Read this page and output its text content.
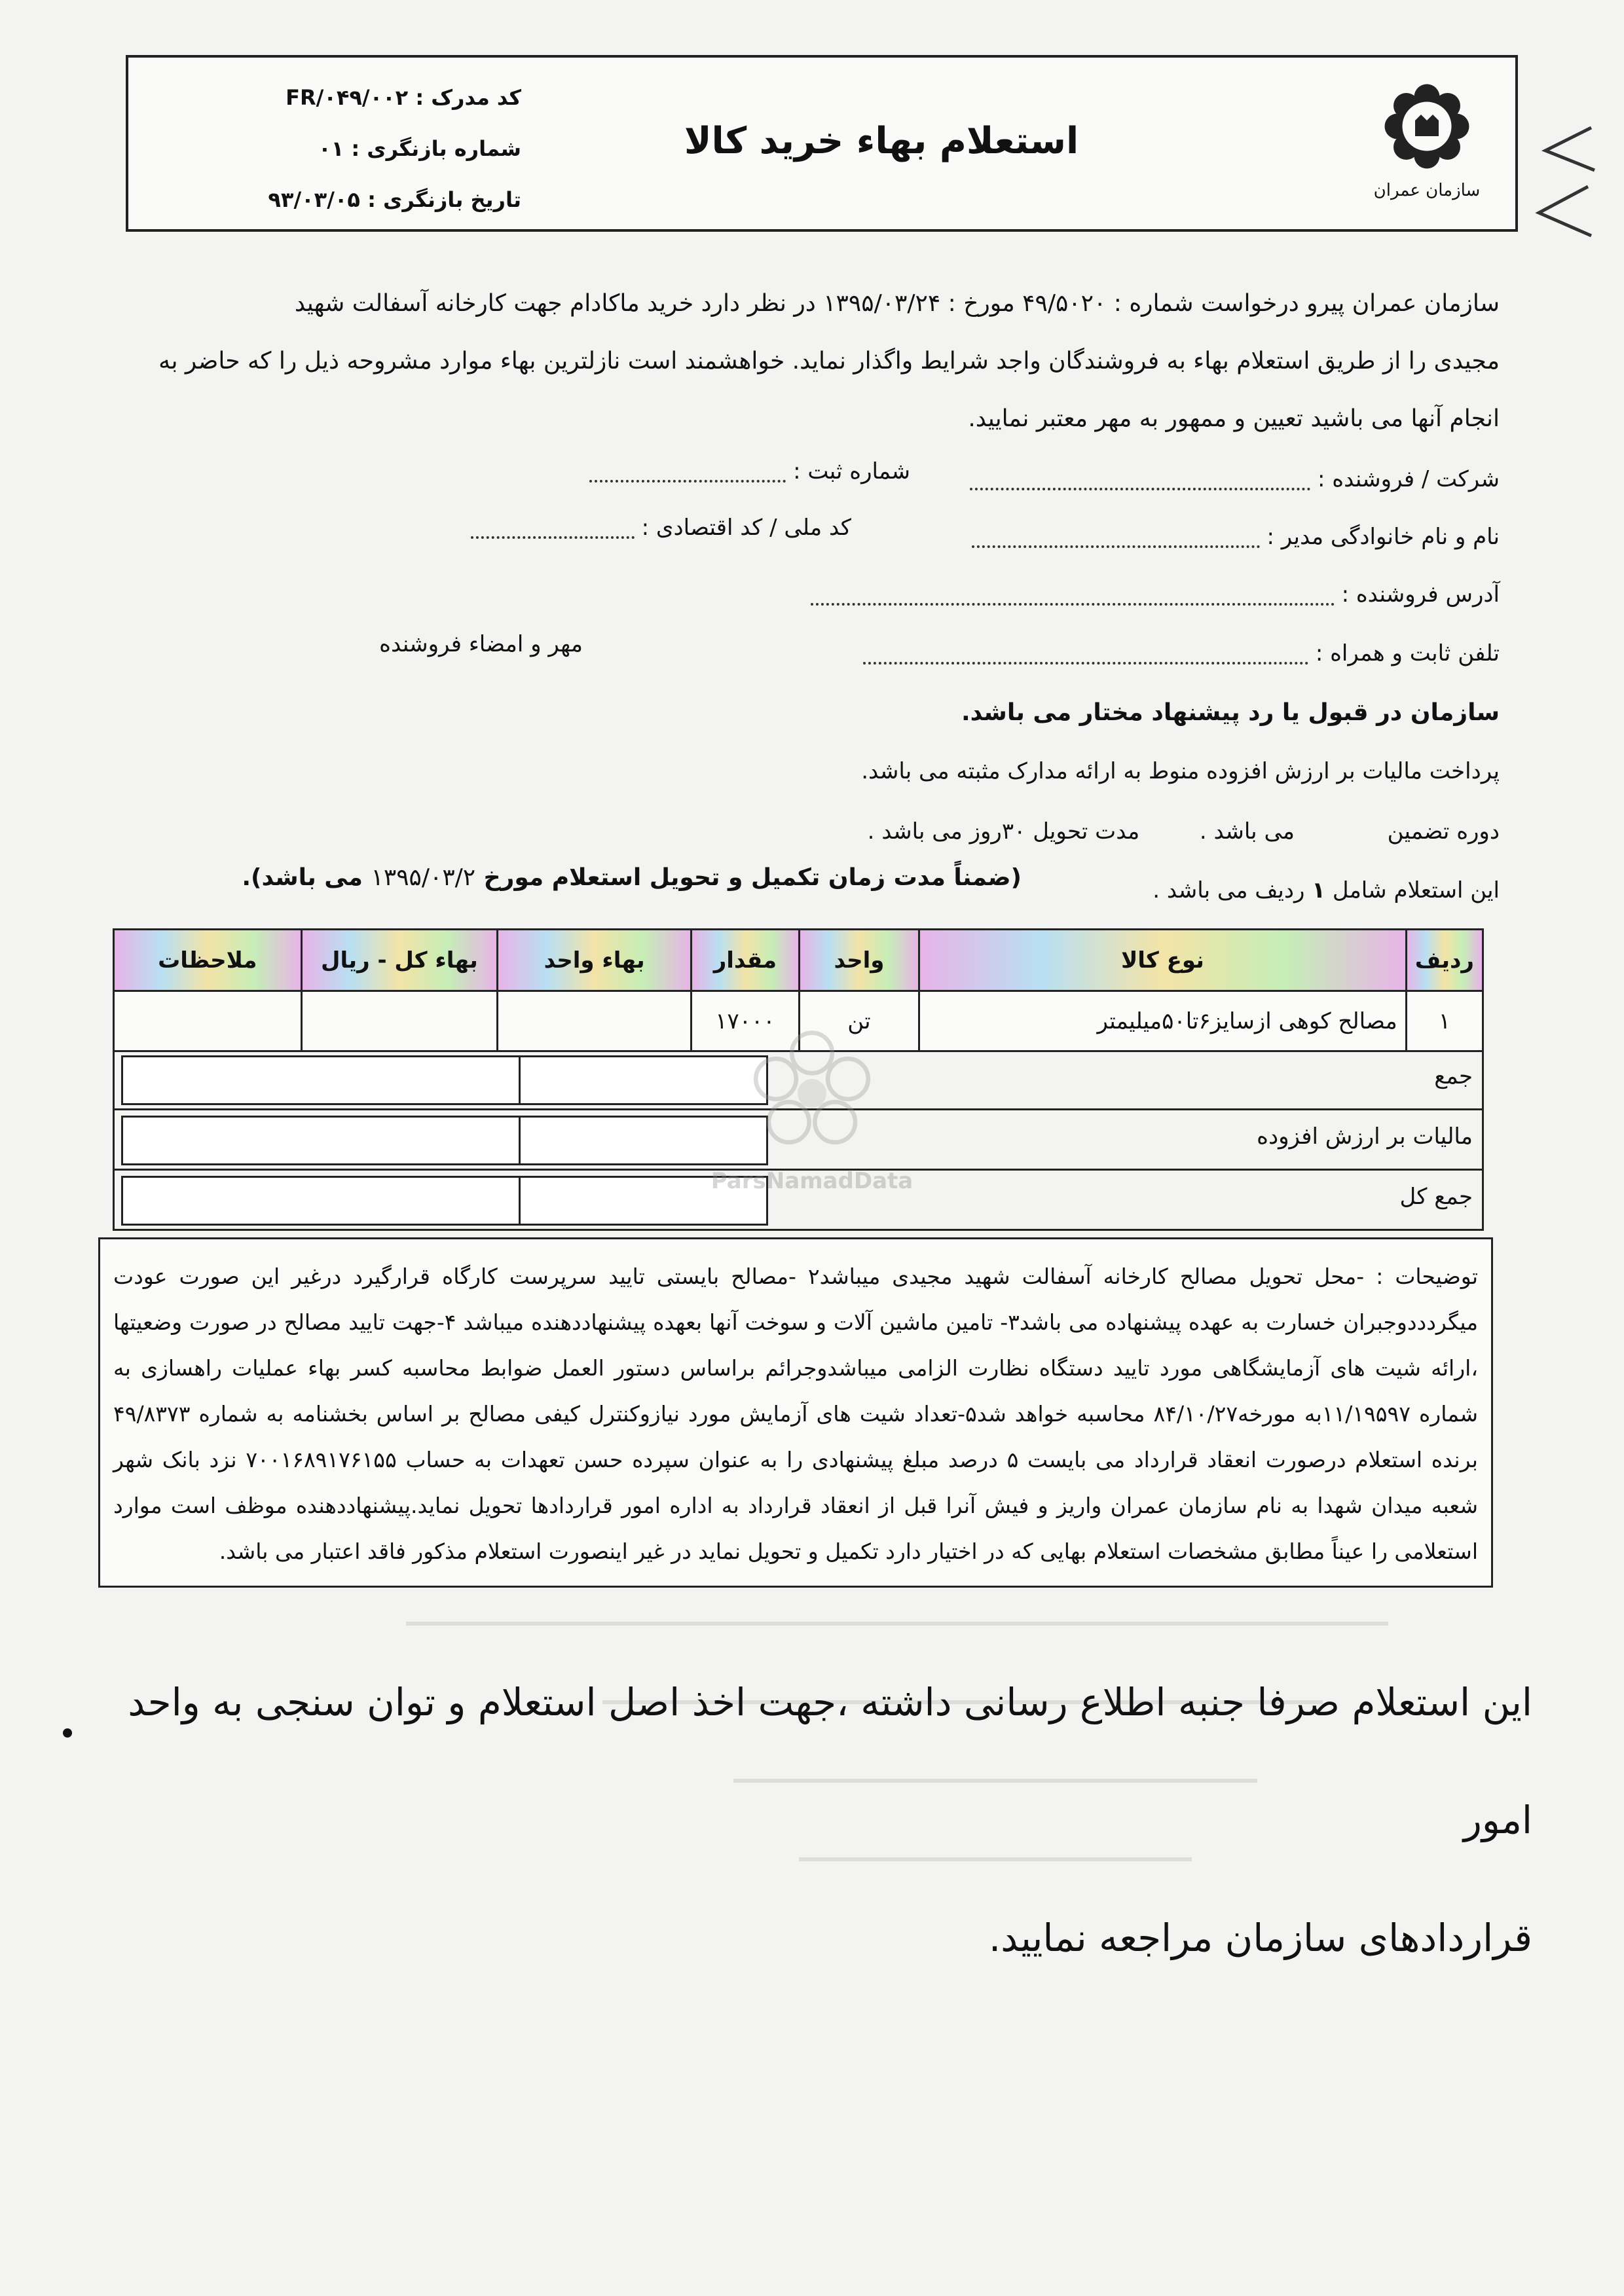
سازمان عمران
استعلام بهاء خرید کالا
کد مدرک : FR/۰۴۹/۰۰۲
شماره بازنگری : ۰۱
تاریخ بازنگری : ۹۳/۰۳/۰۵
سازمان عمران پیرو درخواست شماره : ۴۹/۵۰۲۰ مورخ : ۱۳۹۵/۰۳/۲۴ در نظر دارد خرید ماکادام جهت کارخانه آسفالت شهید
مجیدی را از طریق استعلام بهاء به فروشندگان واجد شرایط واگذار نماید. خواهشمند است نازلترین بهاء موارد مشروحه ذیل را که حاضر به
انجام آنها می باشید تعیین و ممهور به مهر معتبر نمایید.
شرکت / فروشنده :
شماره ثبت :
نام و نام خانوادگی مدیر :
کد ملی / کد اقتصادی :
آدرس فروشنده :
تلفن ثابت و همراه :
مهر و امضاء فروشنده
سازمان در قبول یا رد پیشنهاد مختار می باشد.
پرداخت مالیات بر ارزش افزوده منوط به ارائه مدارک مثبته می باشد.
دوره تضمین  می باشد .  مدت تحویل ۳۰روز می باشد .
این استعلام شامل ۱ ردیف می باشد .
(ضمناً مدت زمان تکمیل و تحویل استعلام مورخ ۱۳۹۵/۰۳/۲ می باشد).
ردیف	نوع کالا	واحد	مقدار	بهاء واحد	بهاء کل - ریال	ملاحظات
۱	مصالح کوهی ازسایز۶تا۵۰میلیمتر	تن	۱۷۰۰۰			
جمع
مالیات بر ارزش افزوده
جمع کل
ParsNamadData
توضیحات : -محل تحویل مصالح کارخانه آسفالت شهید مجیدی میباشد۲ -مصالح بایستی تایید سرپرست کارگاه قرارگیرد درغیر این صورت عودت میگردددوجبران خسارت به عهده پیشنهاده می باشد۳- تامین ماشین آلات و سوخت آنها بعهده پیشنهاددهنده میباشد ۴-جهت تایید مصالح در صورت وضعیتها ،ارائه شیت های آزمایشگاهی مورد تایید دستگاه نظارت الزامی میباشدوجرائم براساس دستور العمل ضوابط محاسبه کسر بهاء عملیات راهسازی به شماره ۱۱/۱۹۵۹۷به مورخه۸۴/۱۰/۲۷ محاسبه خواهد شد۵-تعداد شیت های آزمایش مورد نیازوکنترل کیفی مصالح بر اساس بخشنامه به شماره ۴۹/۸۳۷۳ برنده استعلام درصورت انعقاد قرارداد می بایست ۵ درصد مبلغ پیشنهادی را به عنوان سپرده حسن تعهدات به حساب ۷۰۰۱۶۸۹۱۷۶۱۵۵ نزد بانک شهر شعبه میدان شهدا به نام سازمان عمران واریز و فیش آنرا قبل از انعقاد قرارداد به اداره امور قراردادها تحویل نماید.پیشنهاددهنده موظف است موارد استعلامی را عیناً مطابق مشخصات استعلام بهایی که در اختیار دارد تکمیل و تحویل نماید در غیر اینصورت استعلام مذکور فاقد اعتبار می باشد.
این استعلام صرفا جنبه اطلاع رسانی داشته ،جهت اخذ اصل استعلام و توان سنجی به واحد امور
قراردادهای سازمان مراجعه نمایید.
